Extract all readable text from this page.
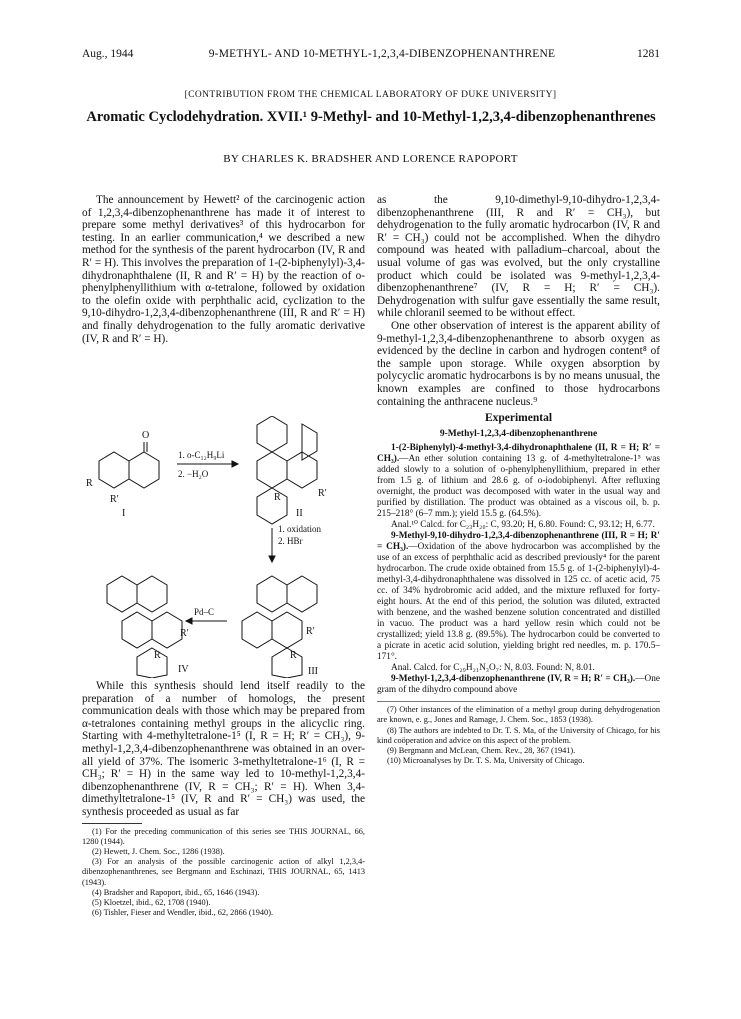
Aug., 1944	9-METHYL- AND 10-METHYL-1,2,3,4-DIBENZOPHENANTHRENE	1281
[CONTRIBUTION FROM THE CHEMICAL LABORATORY OF DUKE UNIVERSITY]
Aromatic Cyclodehydration. XVII.¹ 9-Methyl- and 10-Methyl-1,2,3,4-dibenzophenanthrenes
BY CHARLES K. BRADSHER AND LORENCE RAPOPORT

The announcement by Hewett² of the carcinogenic action of 1,2,3,4-dibenzophenanthrene has made it of interest to prepare some methyl derivatives³ of this hydrocarbon for testing. In an earlier communication,⁴ we described a new method for the synthesis of the parent hydrocarbon (IV, R and R′ = H). This involves the preparation of 1-(2-biphenylyl)-3,4-dihydronaphthalene (II, R and R′ = H) by the reaction of o-phenylphenyllithium with α-tetralone, followed by oxidation to the olefin oxide with perphthalic acid, cyclization to the 9,10-dihydro-1,2,3,4-dibenzophenanthrene (III, R and R′ = H) and finally dehydrogenation to the fully aromatic derivative (IV, R and R′ = H).

O
R
R′
I
1. o-C₁₂H₉Li
2. −H₂O
R′
R
II
1. oxidation
2. HBr
R′
R
IV
Pd–C
R′
R
III

While this synthesis should lend itself readily to the preparation of a number of homologs, the present communication deals with those which may be prepared from α-tetralones containing methyl groups in the alicyclic ring. Starting with 4-methyltetralone-1⁵ (I, R = H; R′ = CH₃), 9-methyl-1,2,3,4-dibenzophenanthrene was obtained in an over-all yield of 37%. The isomeric 3-methyltetralone-1⁶ (I, R = CH₃; R′ = H) in the same way led to 10-methyl-1,2,3,4-dibenzophenanthrene (IV, R = CH₃; R′ = H). When 3,4-dimethyltetralone-1⁵ (IV, R and R′ = CH₃) was used, the synthesis proceeded as usual as far

(1) For the preceding communication of this series see THIS JOURNAL, 66, 1280 (1944).

(2) Hewett, J. Chem. Soc., 1286 (1938).

(3) For an analysis of the possible carcinogenic action of alkyl 1,2,3,4-dibenzophenanthrenes, see Bergmann and Eschinazi, THIS JOURNAL, 65, 1413 (1943).

(4) Bradsher and Rapoport, ibid., 65, 1646 (1943).

(5) Kloetzel, ibid., 62, 1708 (1940).

(6) Tishler, Fieser and Wendler, ibid., 62, 2866 (1940).

as the 9,10-dimethyl-9,10-dihydro-1,2,3,4-dibenzophenanthrene (III, R and R′ = CH₃), but dehydrogenation to the fully aromatic hydrocarbon (IV, R and R′ = CH₃) could not be accomplished. When the dihydro compound was heated with palladium–charcoal, about the usual volume of gas was evolved, but the only crystalline product which could be isolated was 9-methyl-1,2,3,4-dibenzophenanthrene⁷ (IV, R = H; R′ = CH₃). Dehydrogenation with sulfur gave essentially the same result, while chloranil seemed to be without effect.

One other observation of interest is the apparent ability of 9-methyl-1,2,3,4-dibenzophenanthrene to absorb oxygen as evidenced by the decline in carbon and hydrogen content⁸ of the sample upon storage. While oxygen absorption by polycyclic aromatic hydrocarbons is by no means unusual, the known examples are confined to those hydrocarbons containing the anthracene nucleus.⁹

Experimental
9-Methyl-1,2,3,4-dibenzophenanthrene

1-(2-Biphenylyl)-4-methyl-3,4-dihydronaphthalene (II, R = H; R′ = CH₃).—An ether solution containing 13 g. of 4-methyltetralone-1⁵ was added slowly to a solution of o-phenylphenyllithium, prepared in ether from 1.5 g. of lithium and 28.6 g. of o-iodobiphenyl. After refluxing overnight, the product was decomposed with water in the usual way and purified by distillation. The product was obtained as a viscous oil, b. p. 215–218° (6–7 mm.); yield 15.5 g. (64.5%).

Anal.¹⁰ Calcd. for C₂₃H₂₀: C, 93.20; H, 6.80. Found: C, 93.12; H, 6.77.

9-Methyl-9,10-dihydro-1,2,3,4-dibenzophenanthrene (III, R = H; R′ = CH₃).—Oxidation of the above hydrocarbon was accomplished by the use of an excess of perphthalic acid as described previously⁴ for the parent hydrocarbon. The crude oxide obtained from 15.5 g. of 1-(2-biphenylyl)-4-methyl-3,4-dihydronaphthalene was dissolved in 125 cc. of acetic acid, 75 cc. of 34% hydrobromic acid added, and the mixture refluxed for forty-eight hours. At the end of this period, the solution was diluted, extracted with benzene, and the washed benzene solution concentrated and distilled in vacuo. The product was a hard yellow resin which could not be crystallized; yield 13.8 g. (89.5%). The hydrocarbon could be converted to a picrate in acetic acid solution, yielding bright red needles, m. p. 170.5–171°.

Anal. Calcd. for C₂₉H₂₁N₃O₇: N, 8.03. Found: N, 8.01.

9-Methyl-1,2,3,4-dibenzophenanthrene (IV, R = H; R′ = CH₃).—One gram of the dihydro compound above

(7) Other instances of the elimination of a methyl group during dehydrogenation are known, e. g., Jones and Ramage, J. Chem. Soc., 1853 (1938).

(8) The authors are indebted to Dr. T. S. Ma, of the University of Chicago, for his kind coöperation and advice on this aspect of the problem.

(9) Bergmann and McLean, Chem. Rev., 28, 367 (1941).

(10) Microanalyses by Dr. T. S. Ma, University of Chicago.
